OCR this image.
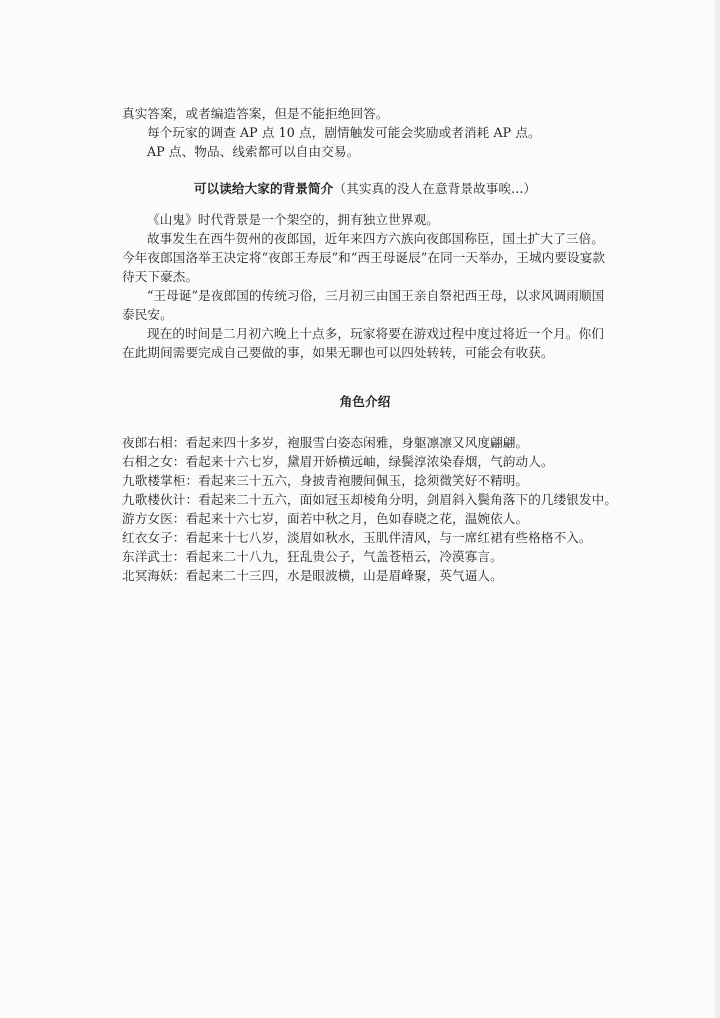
真实答案，或者编造答案，但是不能拒绝回答。

每个玩家的调查 AP 点 10 点，剧情触发可能会奖励或者消耗 AP 点。

AP 点、物品、线索都可以自由交易。

可以读给大家的背景简介（其实真的没人在意背景故事唉...）

《山鬼》时代背景是一个架空的，拥有独立世界观。

故事发生在西牛贺州的夜郎国，近年来四方六族向夜郎国称臣，国土扩大了三倍。今年夜郎国洛举王决定将“夜郎王寿辰”和“西王母诞辰”在同一天举办，王城内要设宴款待天下豪杰。

“王母诞”是夜郎国的传统习俗，三月初三由国王亲自祭祀西王母，以求风调雨顺国泰民安。

现在的时间是二月初六晚上十点多，玩家将要在游戏过程中度过将近一个月。你们在此期间需要完成自己要做的事，如果无聊也可以四处转转，可能会有收获。

角色介绍

夜郎右相：看起来四十多岁，袍服雪白姿态闲雅，身躯凛凛又风度翩翩。

右相之女：看起来十六七岁，黛眉开娇横远岫，绿鬓淳浓染春烟，气韵动人。

九歌楼掌柜：看起来三十五六，身披青袍腰间佩玉，捻须微笑好不精明。

九歌楼伙计：看起来二十五六，面如冠玉却棱角分明，剑眉斜入鬓角落下的几缕银发中。

游方女医：看起来十六七岁，面若中秋之月，色如春晓之花，温婉依人。

红衣女子：看起来十七八岁，淡眉如秋水，玉肌伴清风，与一席红裙有些格格不入。

东洋武士：看起来二十八九，狂乱贵公子，气盖苍梧云，冷漠寡言。

北冥海妖：看起来二十三四，水是眼波横，山是眉峰聚，英气逼人。
